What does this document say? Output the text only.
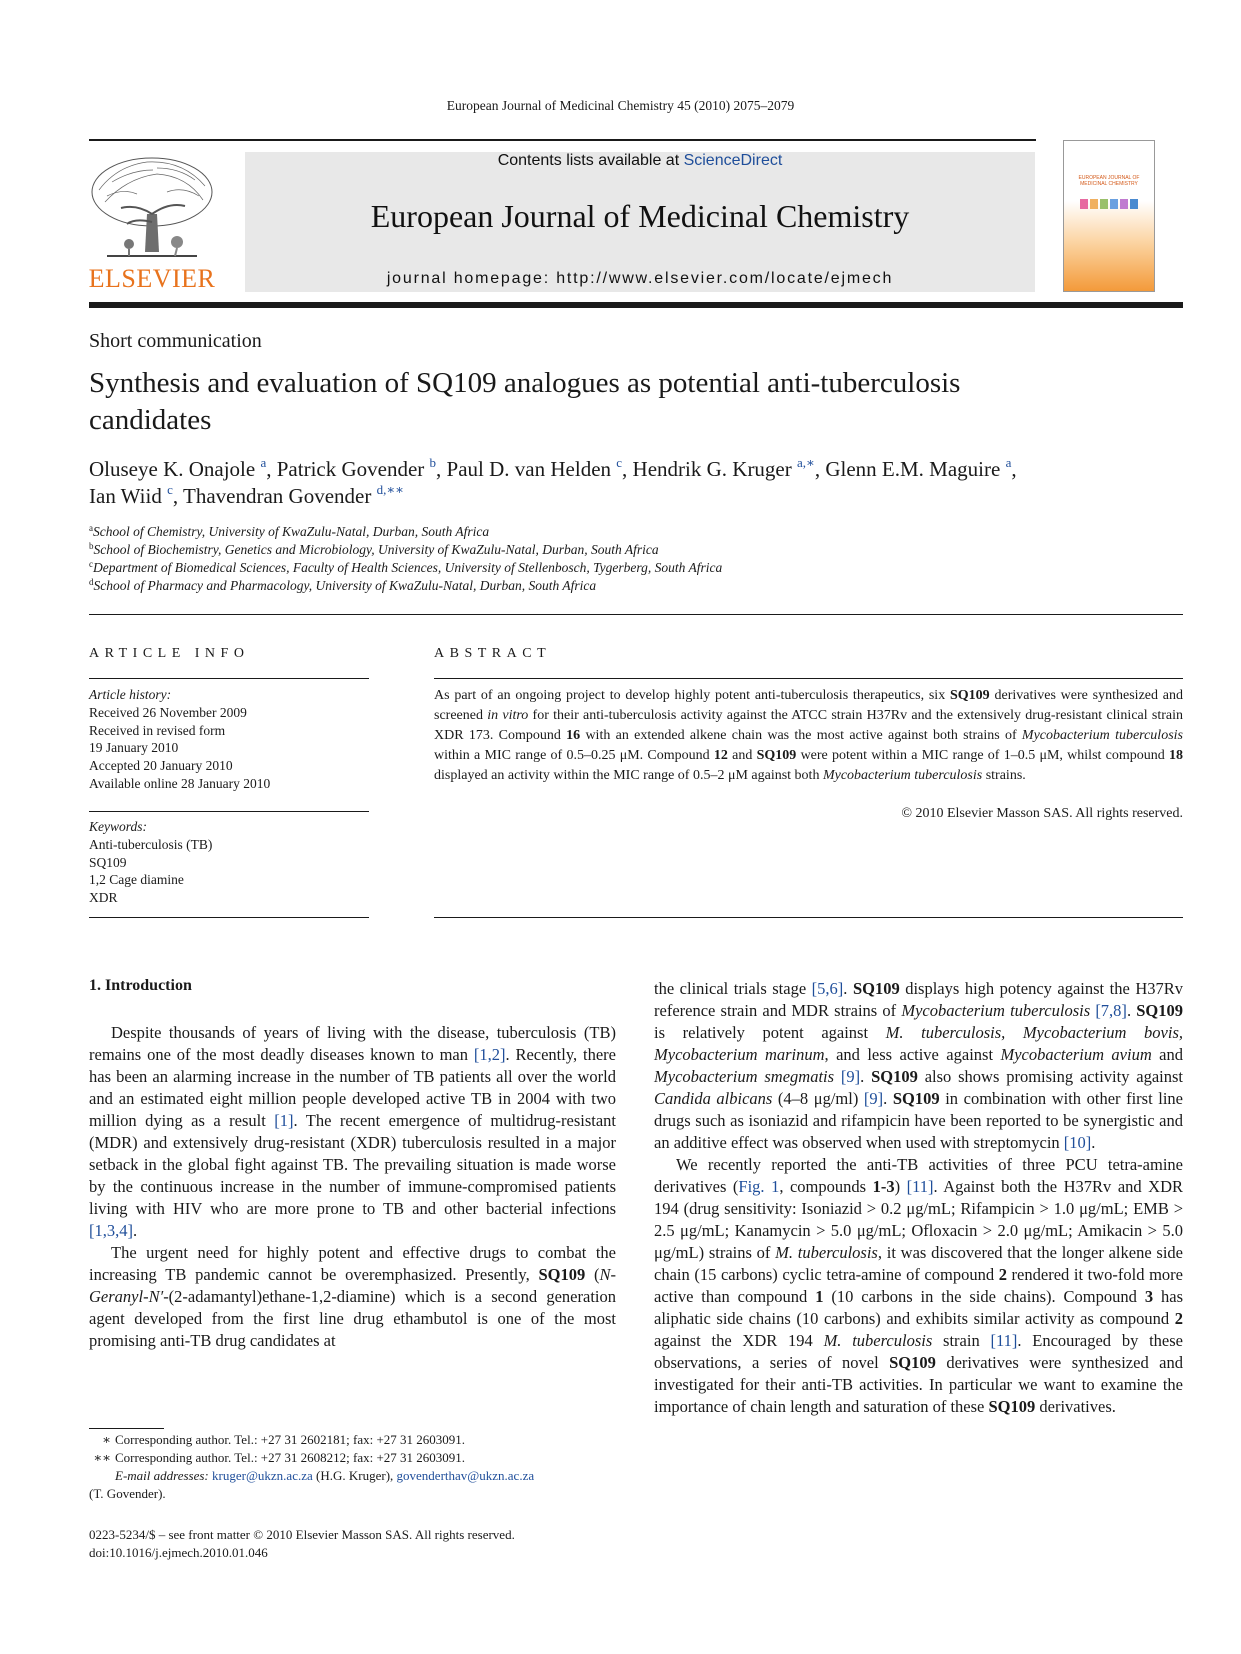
European Journal of Medicinal Chemistry 45 (2010) 2075–2079
ELSEVIER
Contents lists available at ScienceDirect
European Journal of Medicinal Chemistry
journal homepage: http://www.elsevier.com/locate/ejmech
EUROPEAN JOURNAL OF MEDICINAL CHEMISTRY
Short communication
Synthesis and evaluation of SQ109 analogues as potential anti-tuberculosis candidates
Oluseye K. Onajole $^a$, Patrick Govender $^b$, Paul D. van Helden $^c$, Hendrik G. Kruger $^{a,∗}$, Glenn E.M. Maguire $^a$,
Ian Wiid $^c$, Thavendran Govender $^{d,∗∗}$
$^a$School of Chemistry, University of KwaZulu-Natal, Durban, South Africa
$^b$School of Biochemistry, Genetics and Microbiology, University of KwaZulu-Natal, Durban, South Africa
$^c$Department of Biomedical Sciences, Faculty of Health Sciences, University of Stellenbosch, Tygerberg, South Africa
$^d$School of Pharmacy and Pharmacology, University of KwaZulu-Natal, Durban, South Africa
ARTICLE INFO	ABSTRACT
Article history:
Received 26 November 2009
Received in revised form
19 January 2010
Accepted 20 January 2010
Available online 28 January 2010
Keywords:
Anti-tuberculosis (TB)
SQ109
1,2 Cage diamine
XDR
As part of an ongoing project to develop highly potent anti-tuberculosis therapeutics, six SQ109 derivatives were synthesized and screened in vitro for their anti-tuberculosis activity against the ATCC strain H37Rv and the extensively drug-resistant clinical strain XDR 173. Compound 16 with an extended alkene chain was the most active against both strains of Mycobacterium tuberculosis within a MIC range of 0.5–0.25 μM. Compound 12 and SQ109 were potent within a MIC range of 1–0.5 μM, whilst compound 18 displayed an activity within the MIC range of 0.5–2 μM against both Mycobacterium tuberculosis strains.
© 2010 Elsevier Masson SAS. All rights reserved.
1. Introduction

Despite thousands of years of living with the disease, tuberculosis (TB) remains one of the most deadly diseases known to man [1,2]. Recently, there has been an alarming increase in the number of TB patients all over the world and an estimated eight million people developed active TB in 2004 with two million dying as a result [1]. The recent emergence of multidrug-resistant (MDR) and extensively drug-resistant (XDR) tuberculosis resulted in a major setback in the global fight against TB. The prevailing situation is made worse by the continuous increase in the number of immune-compromised patients living with HIV who are more prone to TB and other bacterial infections [1,3,4].

The urgent need for highly potent and effective drugs to combat the increasing TB pandemic cannot be overemphasized. Presently, SQ109 (N-Geranyl-N′-(2-adamantyl)ethane-1,2-diamine) which is a second generation agent developed from the first line drug ethambutol is one of the most promising anti-TB drug candidates at

the clinical trials stage [5,6]. SQ109 displays high potency against the H37Rv reference strain and MDR strains of Mycobacterium tuberculosis [7,8]. SQ109 is relatively potent against M. tuberculosis, Mycobacterium bovis, Mycobacterium marinum, and less active against Mycobacterium avium and Mycobacterium smegmatis [9]. SQ109 also shows promising activity against Candida albicans (4–8 μg/ml) [9]. SQ109 in combination with other first line drugs such as isoniazid and rifampicin have been reported to be synergistic and an additive effect was observed when used with streptomycin [10].

We recently reported the anti-TB activities of three PCU tetra-amine derivatives (Fig. 1, compounds 1-3) [11]. Against both the H37Rv and XDR 194 (drug sensitivity: Isoniazid > 0.2 μg/mL; Rifampicin > 1.0 μg/mL; EMB > 2.5 μg/mL; Kanamycin > 5.0 μg/mL; Ofloxacin > 2.0 μg/mL; Amikacin > 5.0 μg/mL) strains of M. tuberculosis, it was discovered that the longer alkene side chain (15 carbons) cyclic tetra-amine of compound 2 rendered it two-fold more active than compound 1 (10 carbons in the side chains). Compound 3 has aliphatic side chains (10 carbons) and exhibits similar activity as compound 2 against the XDR 194 M. tuberculosis strain [11]. Encouraged by these observations, a series of novel SQ109 derivatives were synthesized and investigated for their anti-TB activities. In particular we want to examine the importance of chain length and saturation of these SQ109 derivatives.

∗ Corresponding author. Tel.: +27 31 2602181; fax: +27 31 2603091.
∗∗ Corresponding author. Tel.: +27 31 2608212; fax: +27 31 2603091.
E-mail addresses: kruger@ukzn.ac.za (H.G. Kruger), govenderthav@ukzn.ac.za
(T. Govender).
0223-5234/$ – see front matter © 2010 Elsevier Masson SAS. All rights reserved.
doi:10.1016/j.ejmech.2010.01.046
